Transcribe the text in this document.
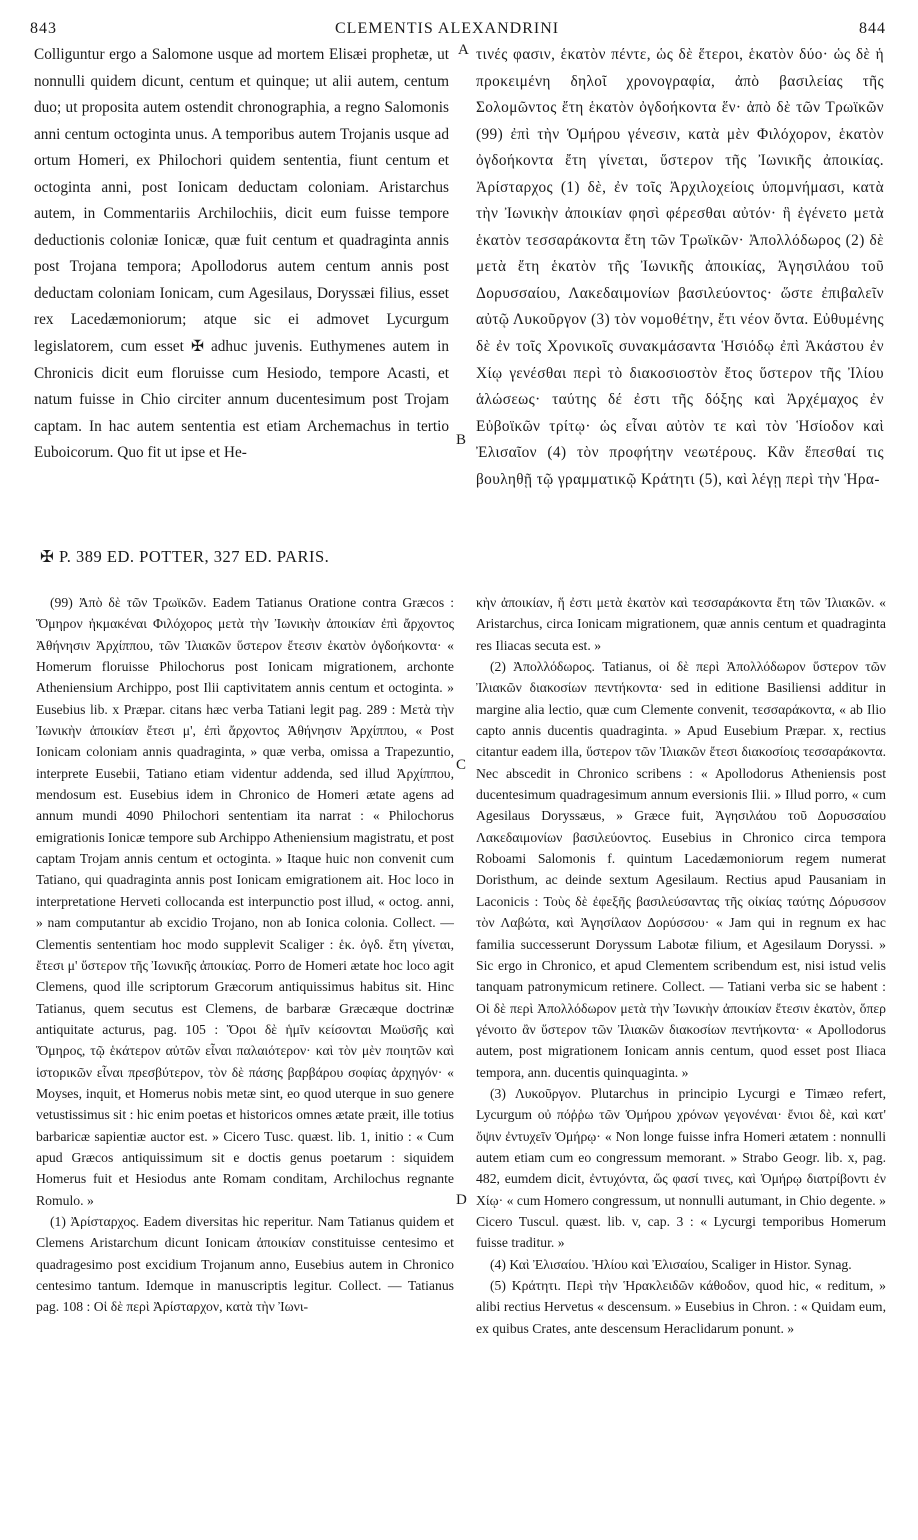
843	CLEMENTIS ALEXANDRINI	844

Colliguntur ergo a Salomone usque ad mortem Elisæi prophetæ, ut nonnulli quidem dicunt, centum et quinque; ut alii autem, centum duo; ut proposita autem ostendit chronographia, a regno Salomonis anni centum octoginta unus. A temporibus autem Trojanis usque ad ortum Homeri, ex Philochori quidem sententia, fiunt centum et octoginta anni, post Ionicam deductam coloniam. Aristarchus autem, in Commentariis Archilochiis, dicit eum fuisse tempore deductionis coloniæ Ionicæ, quæ fuit centum et quadraginta annis post Trojana tempora; Apollodorus autem centum annis post deductam coloniam Ionicam, cum Agesilaus, Doryssæi filius, esset rex Lacedæmoniorum; atque sic ei admovet Lycurgum legislatorem, cum esset ✠ adhuc juvenis. Euthymenes autem in Chronicis dicit eum floruisse cum Hesiodo, tempore Acasti, et natum fuisse in Chio circiter annum ducentesimum post Trojam captam. In hac autem sententia est etiam Archemachus in tertio Euboicorum. Quo fit ut ipse et He-

A
B
C
D

τινές φασιν, ἑκατὸν πέντε, ὡς δὲ ἕτεροι, ἑκατὸν δύο· ὡς δὲ ἡ προκειμένη δηλοῖ χρονογραφία, ἀπὸ βασιλείας τῆς Σολομῶντος ἔτη ἑκατὸν ὀγδοήκοντα ἕν· ἀπὸ δὲ τῶν Τρωϊκῶν (99) ἐπὶ τὴν Ὁμήρου γένεσιν, κατὰ μὲν Φιλόχορον, ἑκατὸν ὀγδοήκοντα ἔτη γίνεται, ὕστερον τῆς Ἰωνικῆς ἀποικίας. Ἀρίσταρχος (1) δὲ, ἐν τοῖς Ἀρχιλοχείοις ὑπομνήμασι, κατὰ τὴν Ἰωνικὴν ἀποικίαν φησὶ φέρεσθαι αὐτόν· ἣ ἐγένετο μετὰ ἑκατὸν τεσσαράκοντα ἔτη τῶν Τρωϊκῶν· Ἀπολλόδωρος (2) δὲ μετὰ ἔτη ἑκατὸν τῆς Ἰωνικῆς ἀποικίας, Ἀγησιλάου τοῦ Δορυσσαίου, Λακεδαιμονίων βασιλεύοντος· ὥστε ἐπιβαλεῖν αὐτῷ Λυκοῦργον (3) τὸν νομοθέτην, ἔτι νέον ὄντα. Εὐθυμένης δὲ ἐν τοῖς Χρονικοῖς συνακμάσαντα Ἡσιόδῳ ἐπὶ Ἀκάστου ἐν Χίῳ γενέσθαι περὶ τὸ διακοσιοστὸν ἔτος ὕστερον τῆς Ἰλίου ἁλώσεως· ταύτης δέ ἐστι τῆς δόξης καὶ Ἀρχέμαχος ἐν Εὐβοϊκῶν τρίτῳ· ὡς εἶναι αὐτὸν τε καὶ τὸν Ἡσίοδον καὶ Ἐλισαῖον (4) τὸν προφήτην νεωτέρους. Κἂν ἕπεσθαί τις βουληθῇ τῷ γραμματικῷ Κράτητι (5), καὶ λέγῃ περὶ τὴν Ἡρα-

✠ P. 389 ED. POTTER, 327 ED. PARIS.

(99) Ἀπὸ δὲ τῶν Τρωϊκῶν. Eadem Tatianus Oratione contra Græcos : Ὅμηρον ἠκμακέναι Φιλόχορος μετὰ τὴν Ἰωνικὴν ἀποικίαν ἐπὶ ἄρχοντος Ἀθήνησιν Ἀρχίππου, τῶν Ἰλιακῶν ὕστερον ἔτεσιν ἑκατὸν ὀγδοήκοντα· « Homerum floruisse Philochorus post Ionicam migrationem, archonte Atheniensium Archippo, post Ilii captivitatem annis centum et octoginta. » Eusebius lib. x Præpar. citans hæc verba Tatiani legit pag. 289 : Μετὰ τὴν Ἰωνικὴν ἀποικίαν ἔτεσι μ', ἐπὶ ἄρχοντος Ἀθήνησιν Ἀρχίππου, « Post Ionicam coloniam annis quadraginta, » quæ verba, omissa a Trapezuntio, interprete Eusebii, Tatiano etiam videntur addenda, sed illud Ἀρχίππου, mendosum est. Eusebius idem in Chronico de Homeri ætate agens ad annum mundi 4090 Philochori sententiam ita narrat : « Philochorus emigrationis Ionicæ tempore sub Archippo Atheniensium magistratu, et post captam Trojam annis centum et octoginta. » Itaque huic non convenit cum Tatiano, qui quadraginta annis post Ionicam emigrationem ait. Hoc loco in interpretatione Herveti collocanda est interpunctio post illud, « octog. anni, » nam computantur ab excidio Trojano, non ab Ionica colonia. Collect. — Clementis sententiam hoc modo supplevit Scaliger : ἑκ. ὀγδ. ἔτη γίνεται, ἔτεσι μ' ὕστερον τῆς Ἰωνικῆς ἀποικίας. Porro de Homeri ætate hoc loco agit Clemens, quod ille scriptorum Græcorum antiquissimus habitus sit. Hinc Tatianus, quem secutus est Clemens, de barbaræ Græcæque doctrinæ antiquitate acturus, pag. 105 : Ὅροι δὲ ἡμῖν κείσονται Μωϋσῆς καὶ Ὅμηρος, τῷ ἑκάτερον αὐτῶν εἶναι παλαιότερον· καὶ τὸν μὲν ποιητῶν καὶ ἱστορικῶν εἶναι πρεσβύτερον, τὸν δὲ πάσης βαρβάρου σοφίας ἀρχηγόν· « Moyses, inquit, et Homerus nobis metæ sint, eo quod uterque in suo genere vetustissimus sit : hic enim poetas et historicos omnes ætate præit, ille totius barbaricæ sapientiæ auctor est. » Cicero Tusc. quæst. lib. 1, initio : « Cum apud Græcos antiquissimum sit e doctis genus poetarum : siquidem Homerus fuit et Hesiodus ante Romam conditam, Archilochus regnante Romulo. »

(1) Ἀρίσταρχος. Eadem diversitas hic reperitur. Nam Tatianus quidem et Clemens Aristarchum dicunt Ionicam ἀποικίαν constituisse centesimo et quadragesimo post excidium Trojanum anno, Eusebius autem in Chronico centesimo tantum. Idemque in manuscriptis legitur. Collect. — Tatianus pag. 108 : Οἱ δὲ περὶ Ἀρίσταρχον, κατὰ τὴν Ἰωνι-

κὴν ἀποικίαν, ἥ ἐστι μετὰ ἑκατὸν καὶ τεσσαράκοντα ἔτη τῶν Ἰλιακῶν. « Aristarchus, circa Ionicam migrationem, quæ annis centum et quadraginta res Iliacas secuta est. »

(2) Ἀπολλόδωρος. Tatianus, οἱ δὲ περὶ Ἀπολλόδωρον ὕστερον τῶν Ἰλιακῶν διακοσίων πεντήκοντα· sed in editione Basiliensi additur in margine alia lectio, quæ cum Clemente convenit, τεσσαράκοντα, « ab Ilio capto annis ducentis quadraginta. » Apud Eusebium Præpar. x, rectius citantur eadem illa, ὕστερον τῶν Ἰλιακῶν ἔτεσι διακοσίοις τεσσαράκοντα. Nec abscedit in Chronico scribens : « Apollodorus Atheniensis post ducentesimum quadragesimum annum eversionis Ilii. » Illud porro, « cum Agesilaus Doryssæus, » Græce fuit, Ἀγησιλάου τοῦ Δορυσσαίου Λακεδαιμονίων βασιλεύοντος. Eusebius in Chronico circa tempora Roboami Salomonis f. quintum Lacedæmoniorum regem numerat Doristhum, ac deinde sextum Agesilaum. Rectius apud Pausaniam in Laconicis : Τοὺς δὲ ἐφεξῆς βασιλεύσαντας τῆς οἰκίας ταύτης Δόρυσσον τὸν Λαβώτα, καὶ Ἀγησίλαον Δορύσσου· « Jam qui in regnum ex hac familia successerunt Doryssum Labotæ filium, et Agesilaum Doryssi. » Sic ergo in Chronico, et apud Clementem scribendum est, nisi istud velis tanquam patronymicum retinere. Collect. — Tatiani verba sic se habent : Οἱ δὲ περὶ Ἀπολλόδωρον μετὰ τὴν Ἰωνικὴν ἀποικίαν ἔτεσιν ἑκατὸν, ὅπερ γένοιτο ἂν ὕστερον τῶν Ἰλιακῶν διακοσίων πεντήκοντα· « Apollodorus autem, post migrationem Ionicam annis centum, quod esset post Iliaca tempora, ann. ducentis quinquaginta. »

(3) Λυκοῦργον. Plutarchus in principio Lycurgi e Timæo refert, Lycurgum οὐ πόῤῥω τῶν Ὁμήρου χρόνων γεγονέναι· ἔνιοι δὲ, καὶ κατ' ὄψιν ἐντυχεῖν Ὁμήρῳ· « Non longe fuisse infra Homeri ætatem : nonnulli autem etiam cum eo congressum memorant. » Strabo Geogr. lib. x, pag. 482, eumdem dicit, ἐντυχόντα, ὥς φασί τινες, καὶ Ὁμήρῳ διατρίβοντι ἐν Χίῳ· « cum Homero congressum, ut nonnulli autumant, in Chio degente. » Cicero Tuscul. quæst. lib. v, cap. 3 : « Lycurgi temporibus Homerum fuisse traditur. »

(4) Καὶ Ἐλισαίου. Ἠλίου καὶ Ἐλισαίου, Scaliger in Histor. Synag.

(5) Κράτητι. Περὶ τὴν Ἡρακλειδῶν κάθοδον, quod hic, « reditum, » alibi rectius Hervetus « descensum. » Eusebius in Chron. : « Quidam eum, ex quibus Crates, ante descensum Heraclidarum ponunt. »
